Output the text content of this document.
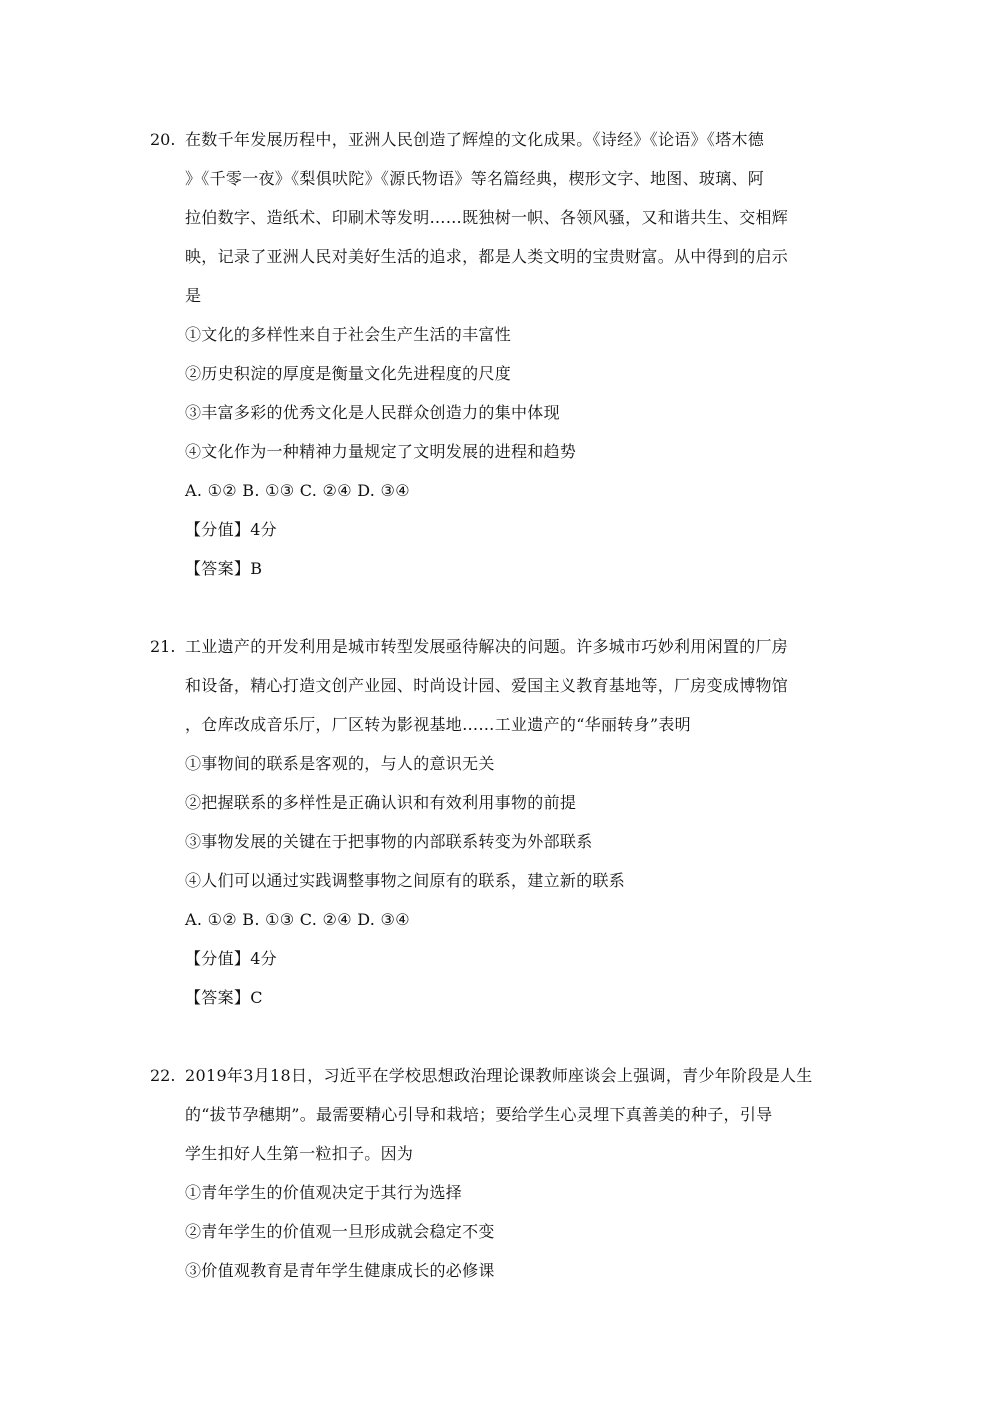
20. 在数千年发展历程中，亚洲人民创造了辉煌的文化成果。《诗经》《论语》《塔木德
》《千零一夜》《梨俱吠陀》《源氏物语》等名篇经典，楔形文字、地图、玻璃、阿
拉伯数字、造纸术、印刷术等发明……既独树一帜、各领风骚，又和谐共生、交相辉
映，记录了亚洲人民对美好生活的追求，都是人类文明的宝贵财富。从中得到的启示
是
①文化的多样性来自于社会生产生活的丰富性
②历史积淀的厚度是衡量文化先进程度的尺度
③丰富多彩的优秀文化是人民群众创造力的集中体现
④文化作为一种精神力量规定了文明发展的进程和趋势
A. ①② B. ①③ C. ②④ D. ③④
【分值】4分
【答案】B
21. 工业遗产的开发利用是城市转型发展亟待解决的问题。许多城市巧妙利用闲置的厂房
和设备，精心打造文创产业园、时尚设计园、爱国主义教育基地等，厂房变成博物馆
，仓库改成音乐厅，厂区转为影视基地……工业遗产的“华丽转身”表明
①事物间的联系是客观的，与人的意识无关
②把握联系的多样性是正确认识和有效利用事物的前提
③事物发展的关键在于把事物的内部联系转变为外部联系
④人们可以通过实践调整事物之间原有的联系，建立新的联系
A. ①② B. ①③ C. ②④ D. ③④
【分值】4分
【答案】C
22. 2019年3月18日，习近平在学校思想政治理论课教师座谈会上强调，青少年阶段是人生
的“拔节孕穗期”。最需要精心引导和栽培；要给学生心灵埋下真善美的种子，引导
学生扣好人生第一粒扣子。因为
①青年学生的价值观决定于其行为选择
②青年学生的价值观一旦形成就会稳定不变
③价值观教育是青年学生健康成长的必修课
